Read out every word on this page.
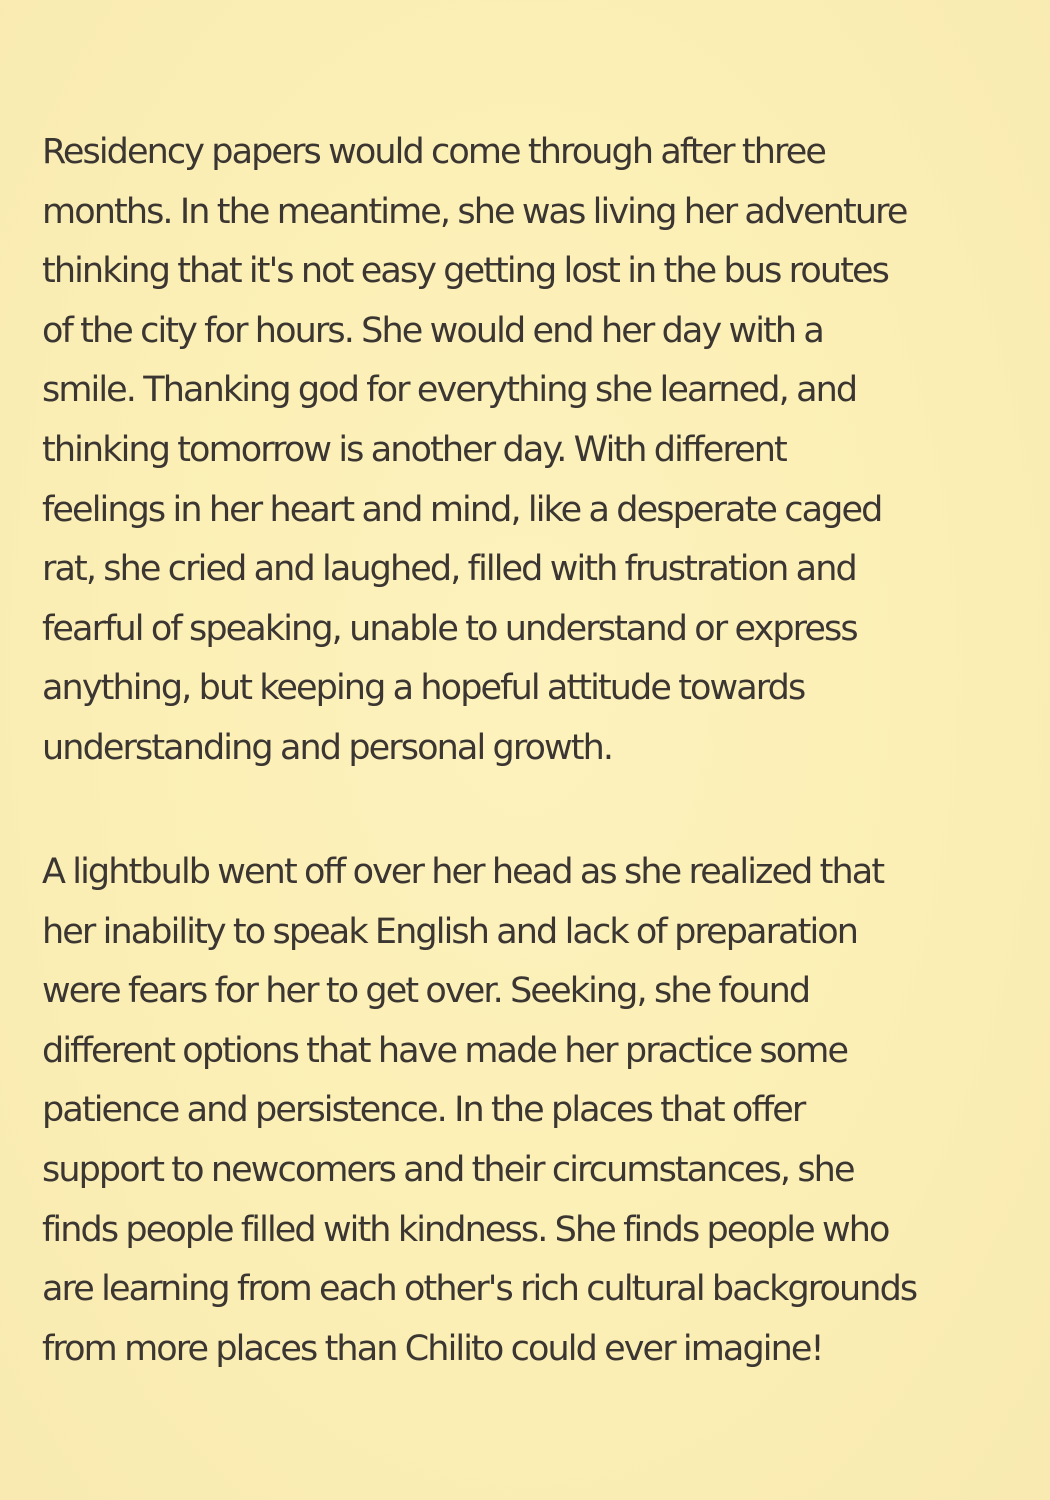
Residency papers would come through after three
months. In the meantime, she was living her adventure
thinking that it's not easy getting lost in the bus routes
of the city for hours. She would end her day with a
smile. Thanking god for everything she learned, and
thinking tomorrow is another day. With different
feelings in her heart and mind, like a desperate caged
rat, she cried and laughed, filled with frustration and
fearful of speaking, unable to understand or express
anything, but keeping a hopeful attitude towards
understanding and personal growth.

A lightbulb went off over her head as she realized that
her inability to speak English and lack of preparation
were fears for her to get over. Seeking, she found
different options that have made her practice some
patience and persistence. In the places that offer
support to newcomers and their circumstances, she
finds people filled with kindness. She finds people who
are learning from each other's rich cultural backgrounds
from more places than Chilito could ever imagine!
